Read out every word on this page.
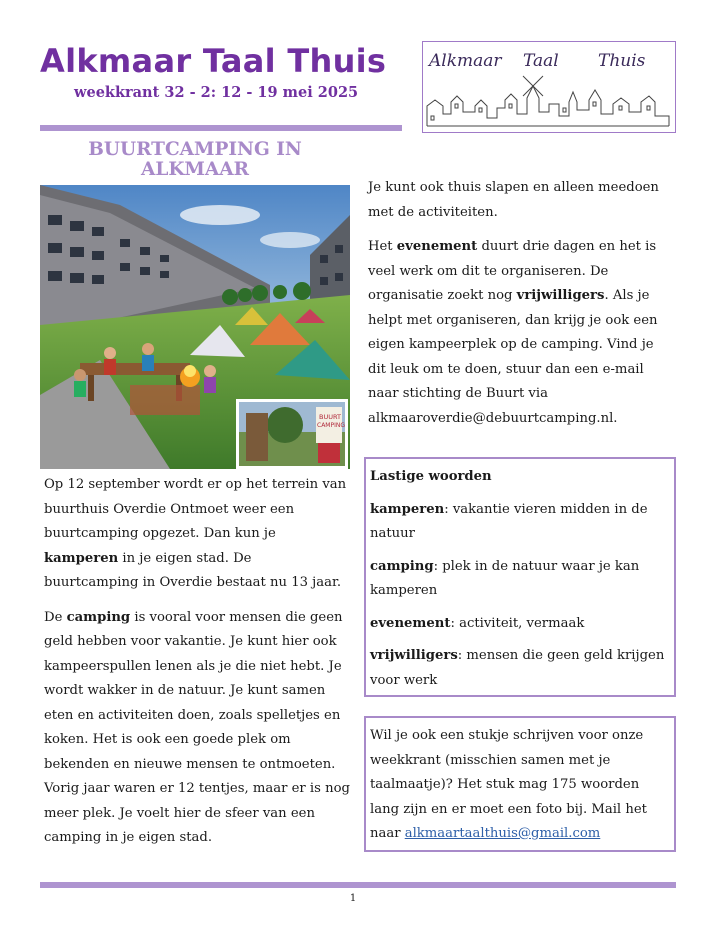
Alkmaar Taal Thuis
weekkrant 32 - 2: 12 - 19 mei 2025
Alkmaar Taal Thuis
BUURTCAMPING IN ALKMAAR
BUURT
CAMPING

Op 12 september wordt er op het terrein van buurthuis Overdie Ontmoet weer een buurtcamping opgezet. Dan kun je kamperen in je eigen stad. De buurtcamping in Overdie bestaat nu 13 jaar.

De camping is vooral voor mensen die geen geld hebben voor vakantie. Je kunt hier ook kampeerspullen lenen als je die niet hebt. Je wordt wakker in de natuur. Je kunt samen eten en activiteiten doen, zoals spelletjes en koken. Het is ook een goede plek om bekenden en nieuwe mensen te ontmoeten. Vorig jaar waren er 12 tentjes, maar er is nog meer plek. Je voelt hier de sfeer van een camping in je eigen stad.

Je kunt ook thuis slapen en alleen meedoen met de activiteiten.

Het evenement duurt drie dagen en het is veel werk om dit te organiseren. De organisatie zoekt nog vrijwilligers. Als je helpt met organiseren, dan krijg je ook een eigen kampeerplek op de camping. Vind je dit leuk om te doen, stuur dan een e-mail naar stichting de Buurt via alkmaaroverdie@debuurtcamping.nl.

Lastige woorden

kamperen: vakantie vieren midden in de natuur

camping: plek in de natuur waar je kan kamperen

evenement: activiteit, vermaak

vrijwilligers: mensen die geen geld krijgen voor werk

Wil je ook een stukje schrijven voor onze weekkrant (misschien samen met je taalmaatje)? Het stuk mag 175 woorden lang zijn en er moet een foto bij. Mail het naar alkmaartaalthuis@gmail.com
1
